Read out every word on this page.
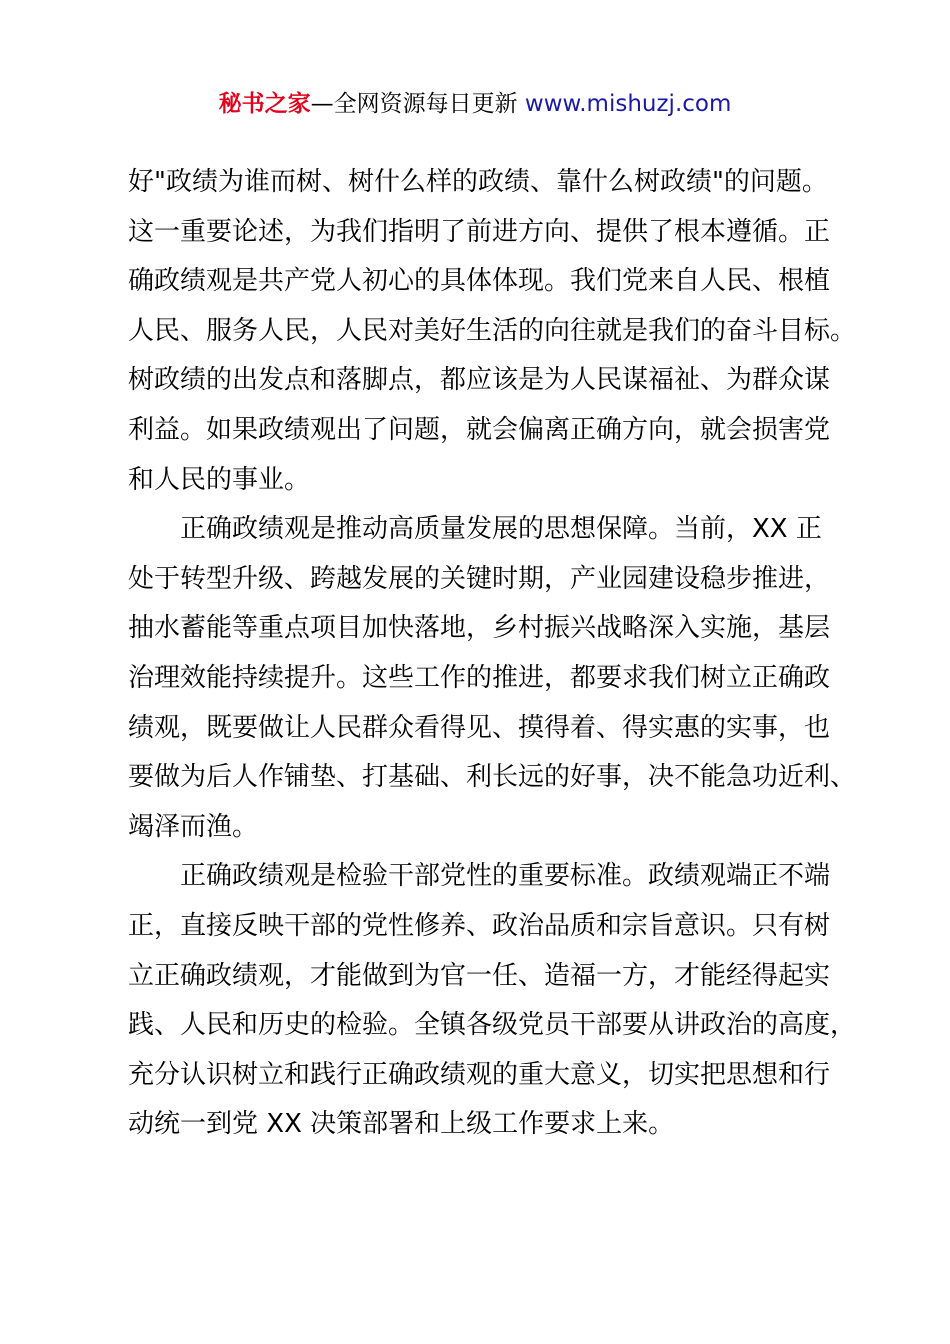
秘书之家—全网资源每日更新 www.mishuzj.com
好"政绩为谁而树、树什么样的政绩、靠什么树政绩"的问题。
这一重要论述，为我们指明了前进方向、提供了根本遵循。正
确政绩观是共产党人初心的具体体现。我们党来自人民、根植
人民、服务人民，人民对美好生活的向往就是我们的奋斗目标。
树政绩的出发点和落脚点，都应该是为人民谋福祉、为群众谋
利益。如果政绩观出了问题，就会偏离正确方向，就会损害党
和人民的事业。
正确政绩观是推动高质量发展的思想保障。当前，XX 正
处于转型升级、跨越发展的关键时期，产业园建设稳步推进，
抽水蓄能等重点项目加快落地，乡村振兴战略深入实施，基层
治理效能持续提升。这些工作的推进，都要求我们树立正确政
绩观，既要做让人民群众看得见、摸得着、得实惠的实事，也
要做为后人作铺垫、打基础、利长远的好事，决不能急功近利、
竭泽而渔。
正确政绩观是检验干部党性的重要标准。政绩观端正不端
正，直接反映干部的党性修养、政治品质和宗旨意识。只有树
立正确政绩观，才能做到为官一任、造福一方，才能经得起实
践、人民和历史的检验。全镇各级党员干部要从讲政治的高度，
充分认识树立和践行正确政绩观的重大意义，切实把思想和行
动统一到党 XX 决策部署和上级工作要求上来。
